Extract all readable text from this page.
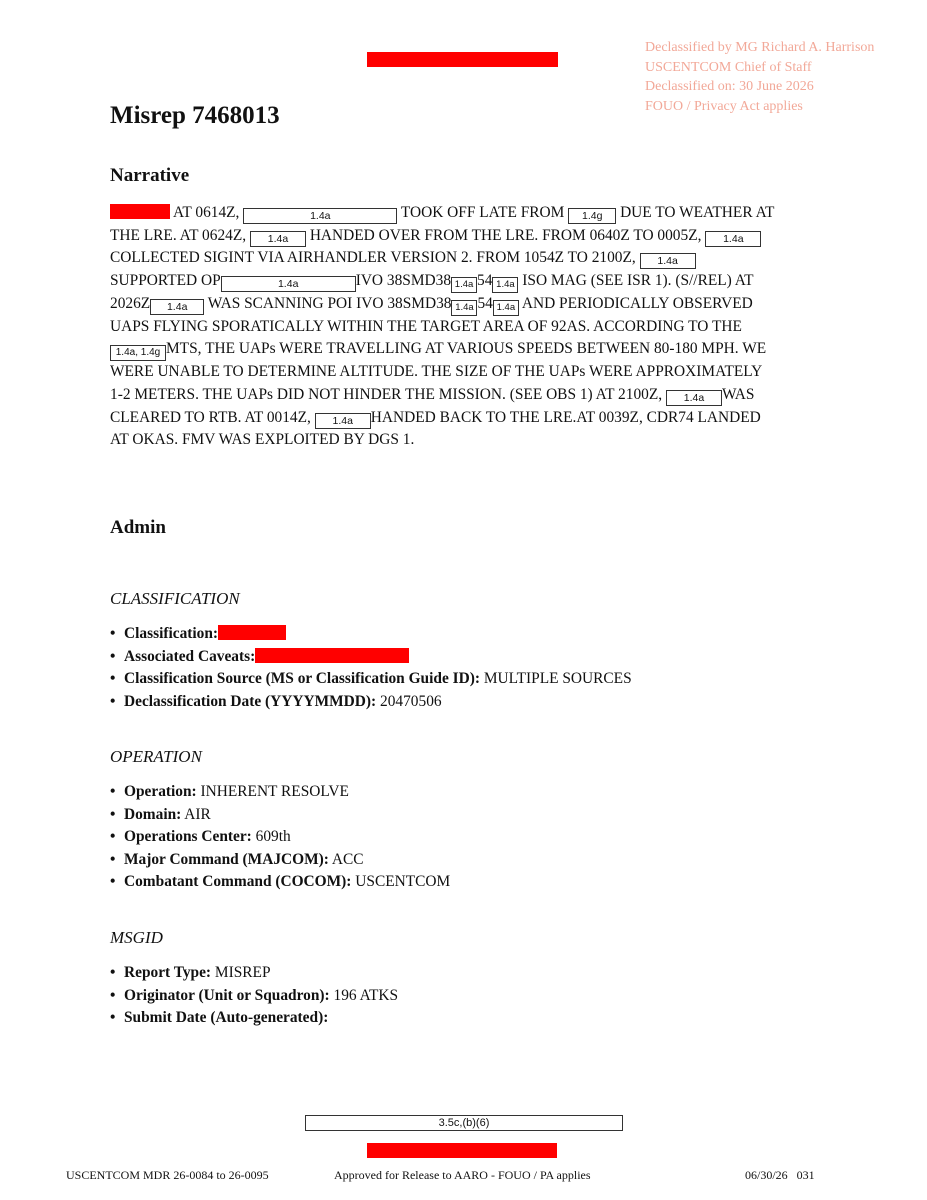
Declassified by MG Richard A. Harrison
USCENTCOM Chief of Staff
Declassified on: 30 June 2026
FOUO / Privacy Act applies
Misrep 7468013
Narrative
AT 0614Z,	1.4a	TOOK OFF LATE FROM 1.4g DUE TO WEATHER AT
THE LRE. AT 0624Z, 1.4a HANDED OVER FROM THE LRE. FROM 0640Z TO 0005Z, 1.4a
COLLECTED SIGINT VIA AIRHANDLER VERSION 2. FROM 1054Z TO 2100Z, 1.4a
SUPPORTED OP	1.4a	IVO 38SMD38 1.4a 54 1.4a ISO MAG (SEE ISR 1). (S//REL) AT
2026Z 1.4a WAS SCANNING POI IVO 38SMD38 1.4a 54 1.4a AND PERIODICALLY OBSERVED
UAPS FLYING SPORATICALLY WITHIN THE TARGET AREA OF 92AS. ACCORDING TO THE
1.4a, 1.4g MTS, THE UAPs WERE TRAVELLING AT VARIOUS SPEEDS BETWEEN 80-180 MPH. WE
WERE UNABLE TO DETERMINE ALTITUDE. THE SIZE OF THE UAPs WERE APPROXIMATELY
1-2 METERS. THE UAPs DID NOT HINDER THE MISSION. (SEE OBS 1) AT 2100Z, 1.4a WAS
CLEARED TO RTB. AT 0014Z, 1.4a HANDED BACK TO THE LRE.AT 0039Z, CDR74 LANDED
AT OKAS. FMV WAS EXPLOITED BY DGS 1.
Admin
CLASSIFICATION
• Classification:
• Associated Caveats:
• Classification Source (MS or Classification Guide ID): MULTIPLE SOURCES
• Declassification Date (YYYYMMDD): 20470506
OPERATION
• Operation: INHERENT RESOLVE
• Domain: AIR
• Operations Center: 609th
• Major Command (MAJCOM): ACC
• Combatant Command (COCOM): USCENTCOM
MSGID
• Report Type: MISREP
• Originator (Unit or Squadron): 196 ATKS
• Submit Date (Auto-generated):
3.5c,(b)(6)
USCENTCOM MDR 26-0084 to 26-0095	Approved for Release to AARO - FOUO / PA applies	06/30/26   031
